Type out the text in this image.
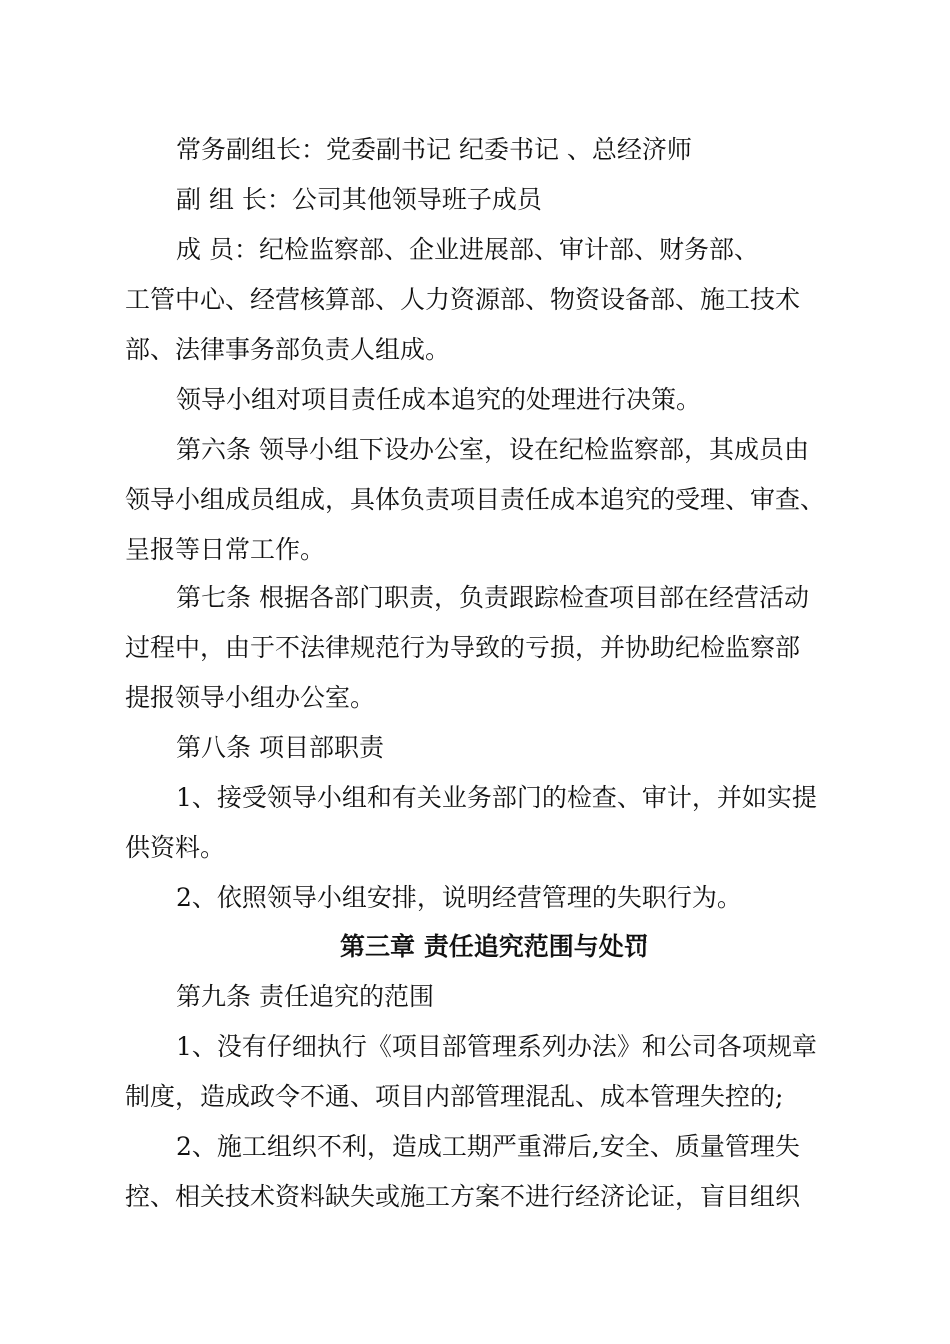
常务副组长：党委副书记 纪委书记 、总经济师
副 组 长：公司其他领导班子成员
成 员：纪检监察部、企业进展部、审计部、财务部、
工管中心、经营核算部、人力资源部、物资设备部、施工技术
部、法律事务部负责人组成。
领导小组对项目责任成本追究的处理进行决策。
第六条 领导小组下设办公室，设在纪检监察部，其成员由
领导小组成员组成，具体负责项目责任成本追究的受理、审查、
呈报等日常工作。
第七条 根据各部门职责，负责跟踪检查项目部在经营活动
过程中，由于不法律规范行为导致的亏损，并协助纪检监察部
提报领导小组办公室。
第八条 项目部职责
1、接受领导小组和有关业务部门的检查、审计，并如实提
供资料。
2、依照领导小组安排，说明经营管理的失职行为。
第三章 责任追究范围与处罚
第九条 责任追究的范围
1、没有仔细执行《项目部管理系列办法》和公司各项规章
制度，造成政令不通、项目内部管理混乱、成本管理失控的;
2、施工组织不利，造成工期严重滞后,安全、质量管理失
控、相关技术资料缺失或施工方案不进行经济论证，盲目组织
